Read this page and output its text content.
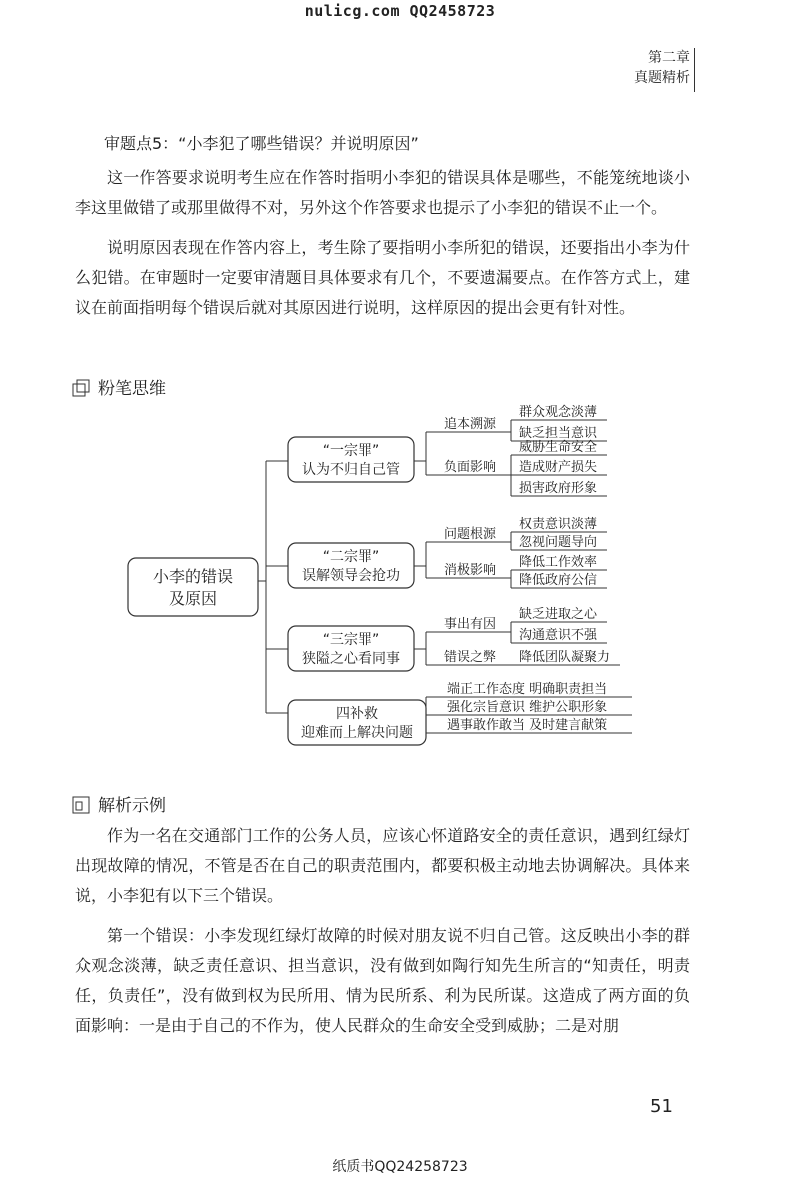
nulicg.com QQ2458723
第二章
真题精析
审题点5：“小李犯了哪些错误？并说明原因”

这一作答要求说明考生应在作答时指明小李犯的错误具体是哪些，不能笼统地谈小李这里做错了或那里做得不对，另外这个作答要求也提示了小李犯的错误不止一个。

说明原因表现在作答内容上，考生除了要指明小李所犯的错误，还要指出小李为什么犯错。在审题时一定要审清题目具体要求有几个，不要遗漏要点。在作答方式上，建议在前面指明每个错误后就对其原因进行说明，这样原因的提出会更有针对性。

粉笔思维
小李的错误
及原因
“一宗罪”
认为不归自己管
“二宗罪”
误解领导会抢功
“三宗罪”
狭隘之心看同事
四补救
迎难而上解决问题
追本溯源
负面影响
问题根源
消极影响
事出有因
错误之弊
群众观念淡薄
缺乏担当意识
威胁生命安全
造成财产损失
损害政府形象
权责意识淡薄
忽视问题导向
降低工作效率
降低政府公信
缺乏进取之心
沟通意识不强
降低团队凝聚力
端正工作态度 明确职责担当
强化宗旨意识 维护公职形象
遇事敢作敢当 及时建言献策
解析示例

作为一名在交通部门工作的公务人员，应该心怀道路安全的责任意识，遇到红绿灯出现故障的情况，不管是否在自己的职责范围内，都要积极主动地去协调解决。具体来说，小李犯有以下三个错误。

第一个错误：小李发现红绿灯故障的时候对朋友说不归自己管。这反映出小李的群众观念淡薄，缺乏责任意识、担当意识，没有做到如陶行知先生所言的“知责任，明责任，负责任”，没有做到权为民所用、情为民所系、利为民所谋。这造成了两方面的负面影响：一是由于自己的不作为，使人民群众的生命安全受到威胁；二是对朋

51
纸质书QQ24258723
